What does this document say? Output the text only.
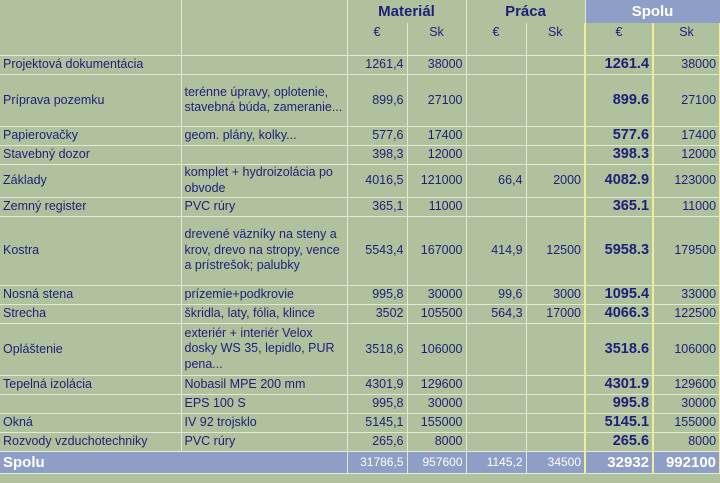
		Materiál		Práca		Spolu	
		€	Sk	€	Sk	€	Sk
Projektová dokumentácia		1261,4	38000			1261.4	38000
Príprava pozemku	terénne úpravy, oplotenie, stavebná búda, zameranie...	899,6	27100			899.6	27100
Papierovačky	geom. plány, kolky...	577,6	17400			577.6	17400
Stavebný dozor		398,3	12000			398.3	12000
Základy	komplet + hydroizolácia po obvode	4016,5	121000	66,4	2000	4082.9	123000
Zemný register	PVC rúry	365,1	11000			365.1	11000
Kostra	drevené väzníky na steny a krov, drevo na stropy, vence a prístrešok; palubky	5543,4	167000	414,9	12500	5958.3	179500
Nosná stena	prízemie+podkrovie	995,8	30000	99,6	3000	1095.4	33000
Strecha	škridla, laty, fólia, klince	3502	105500	564,3	17000	4066.3	122500
Opláštenie	exteriér + interiér Velox dosky WS 35, lepidlo, PUR pena...	3518,6	106000			3518.6	106000
Tepelná izolácia	Nobasil MPE 200 mm	4301,9	129600			4301.9	129600
	EPS 100 S	995,8	30000			995.8	30000
Okná	IV 92 trojsklo	5145,1	155000			5145.1	155000
Rozvody vzduchotechniky	PVC rúry	265,6	8000			265.6	8000
Spolu		31786,5	957600	1145,2	34500	32932	992100
